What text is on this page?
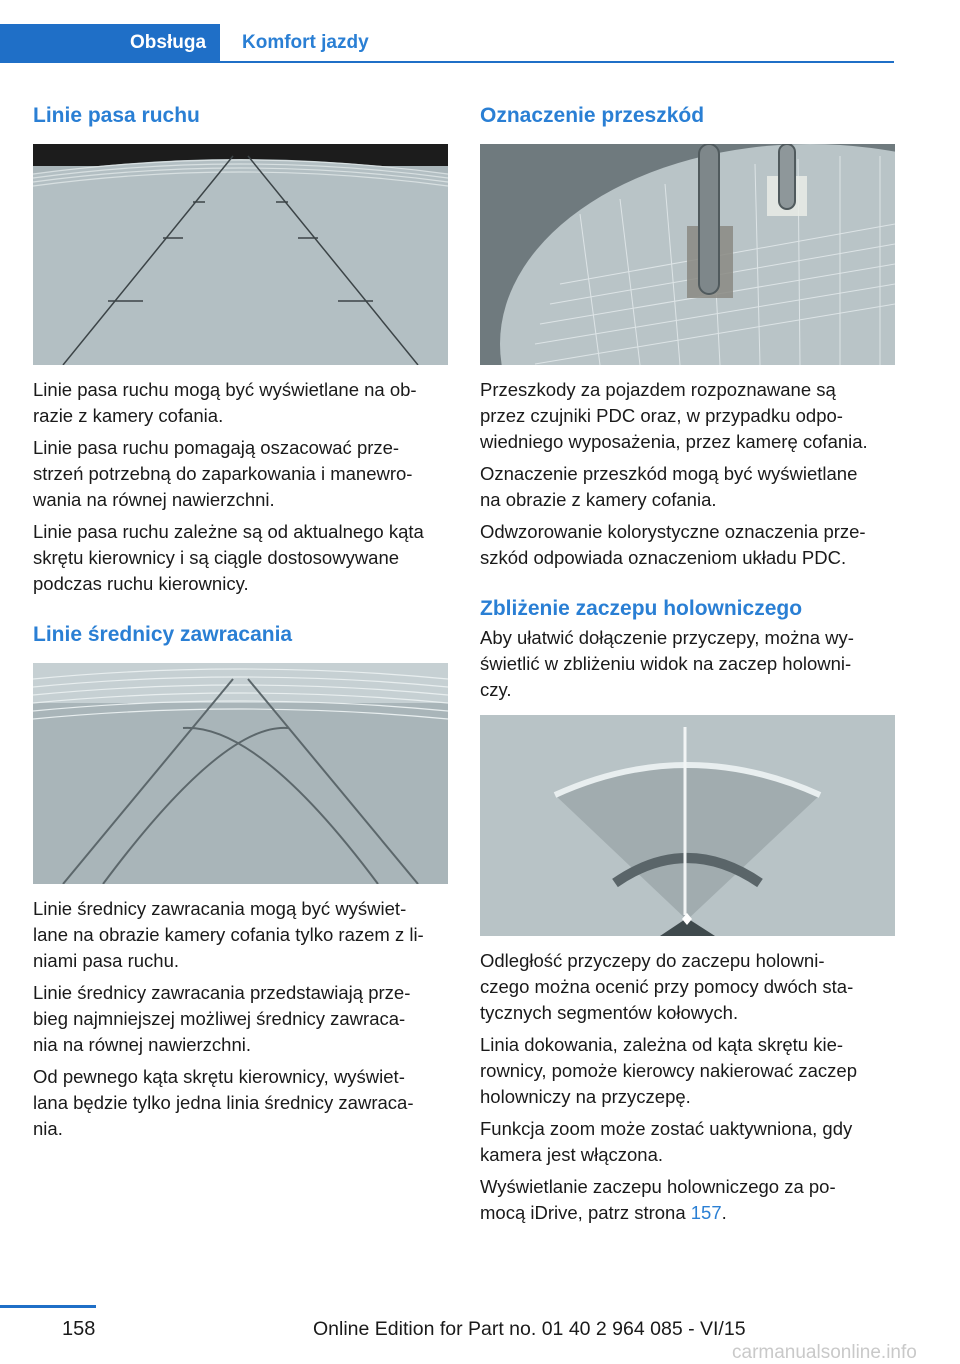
Obsługa	Komfort jazdy
Linie pasa ruchu

Linie pasa ruchu mogą być wyświetlane na ob-
razie z kamery cofania.

Linie pasa ruchu pomagają oszacować prze-
strzeń potrzebną do zaparkowania i manewro-
wania na równej nawierzchni.

Linie pasa ruchu zależne są od aktualnego kąta
skrętu kierownicy i są ciągle dostosowywane
podczas ruchu kierownicy.

Linie średnicy zawracania

Linie średnicy zawracania mogą być wyświet-
lane na obrazie kamery cofania tylko razem z li-
niami pasa ruchu.

Linie średnicy zawracania przedstawiają prze-
bieg najmniejszej możliwej średnicy zawraca-
nia na równej nawierzchni.

Od pewnego kąta skrętu kierownicy, wyświet-
lana będzie tylko jedna linia średnicy zawraca-
nia.

Oznaczenie przeszkód

Przeszkody za pojazdem rozpoznawane są
przez czujniki PDC oraz, w przypadku odpo-
wiedniego wyposażenia, przez kamerę cofania.

Oznaczenie przeszkód mogą być wyświetlane
na obrazie z kamery cofania.

Odwzorowanie kolorystyczne oznaczenia prze-
szkód odpowiada oznaczeniom układu PDC.

Zbliżenie zaczepu holowniczego

Aby ułatwić dołączenie przyczepy, można wy-
świetlić w zbliżeniu widok na zaczep holowni-
czy.

Odległość przyczepy do zaczepu holowni-
czego można ocenić przy pomocy dwóch sta-
tycznych segmentów kołowych.

Linia dokowania, zależna od kąta skrętu kie-
rownicy, pomoże kierowcy nakierować zaczep
holowniczy na przyczepę.

Funkcja zoom może zostać uaktywniona, gdy
kamera jest włączona.

Wyświetlanie zaczepu holowniczego za po-
mocą iDrive, patrz strona 157.

158	Online Edition for Part no. 01 40 2 964 085 - VI/15
carmanualsonline.info
